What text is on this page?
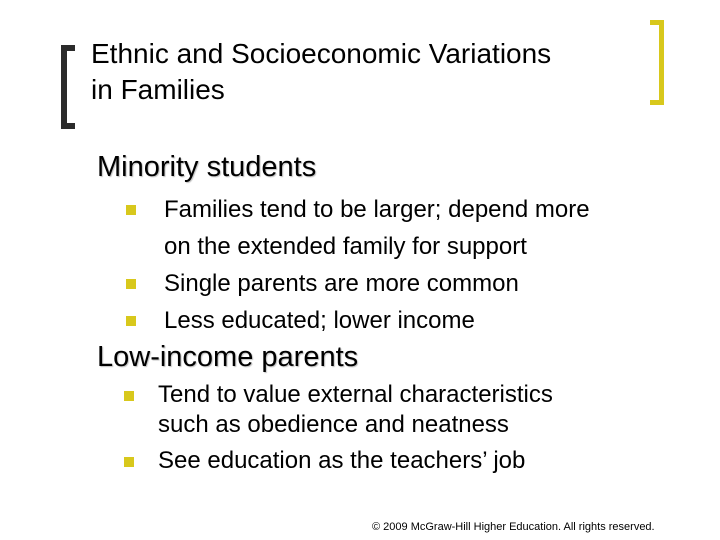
Ethnic and Socioeconomic Variations
in Families
Minority students
Families tend to be larger; depend more
on the extended family for support
Single parents are more common
Less educated; lower income
Low-income parents
Tend to value external characteristics
such as obedience and neatness
See education as the teachers’ job
© 2009 McGraw-Hill Higher Education. All rights reserved.
